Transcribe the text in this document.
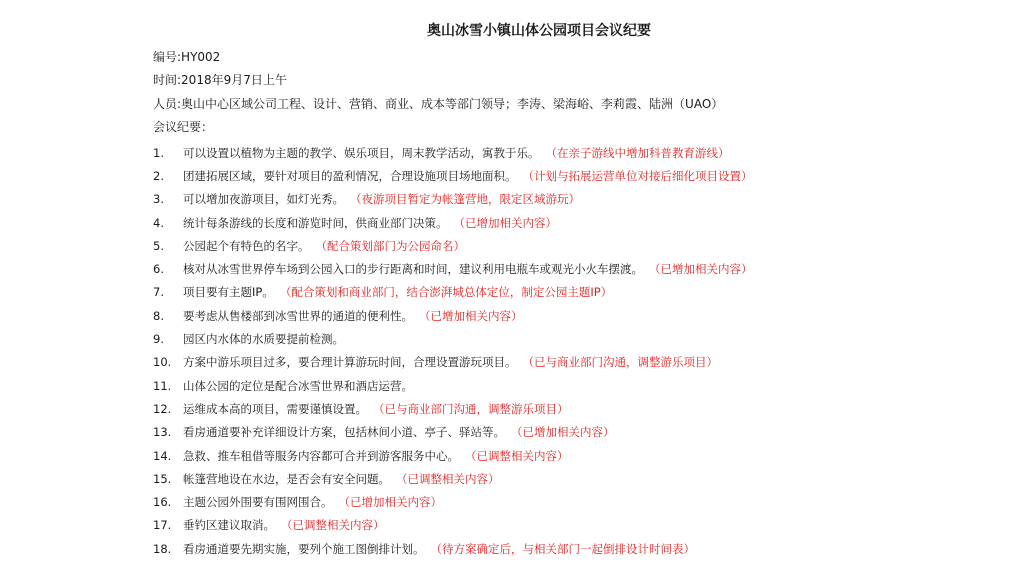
奥山冰雪小镇山体公园项目会议纪要
编号:HY002
时间:2018年9月7日上午
人员:奥山中心区域公司工程、设计、营销、商业、成本等部门领导；李涛、梁海峪、李莉霞、陆洲（UAO）
会议纪要：
1.	可以设置以植物为主题的教学、娱乐项目，周末教学活动，寓教于乐。 （在亲子游线中增加科普教育游线）
2.	团建拓展区域，要针对项目的盈利情况，合理设施项目场地面积。 （计划与拓展运营单位对接后细化项目设置）
3.	可以增加夜游项目，如灯光秀。 （夜游项目暂定为帐篷营地，限定区域游玩）
4.	统计每条游线的长度和游览时间，供商业部门决策。 （已增加相关内容）
5.	公园起个有特色的名字。 （配合策划部门为公园命名）
6.	核对从冰雪世界停车场到公园入口的步行距离和时间，建议利用电瓶车或观光小火车摆渡。 （已增加相关内容）
7.	项目要有主题IP。 （配合策划和商业部门，结合澎湃城总体定位，制定公园主题IP）
8.	要考虑从售楼部到冰雪世界的通道的便利性。 （已增加相关内容）
9.	园区内水体的水质要提前检测。
10.	方案中游乐项目过多，要合理计算游玩时间，合理设置游玩项目。 （已与商业部门沟通，调整游乐项目）
11.	山体公园的定位是配合冰雪世界和酒店运营。
12.	运维成本高的项目，需要谨慎设置。 （已与商业部门沟通，调整游乐项目）
13.	看房通道要补充详细设计方案，包括林间小道、亭子、驿站等。 （已增加相关内容）
14.	急救、推车租借等服务内容都可合并到游客服务中心。 （已调整相关内容）
15.	帐篷营地设在水边，是否会有安全问题。 （已调整相关内容）
16.	主题公园外围要有围网围合。 （已增加相关内容）
17.	垂钓区建议取消。 （已调整相关内容）
18.	看房通道要先期实施，要列个施工图倒排计划。 （待方案确定后，与相关部门一起倒排设计时间表）
